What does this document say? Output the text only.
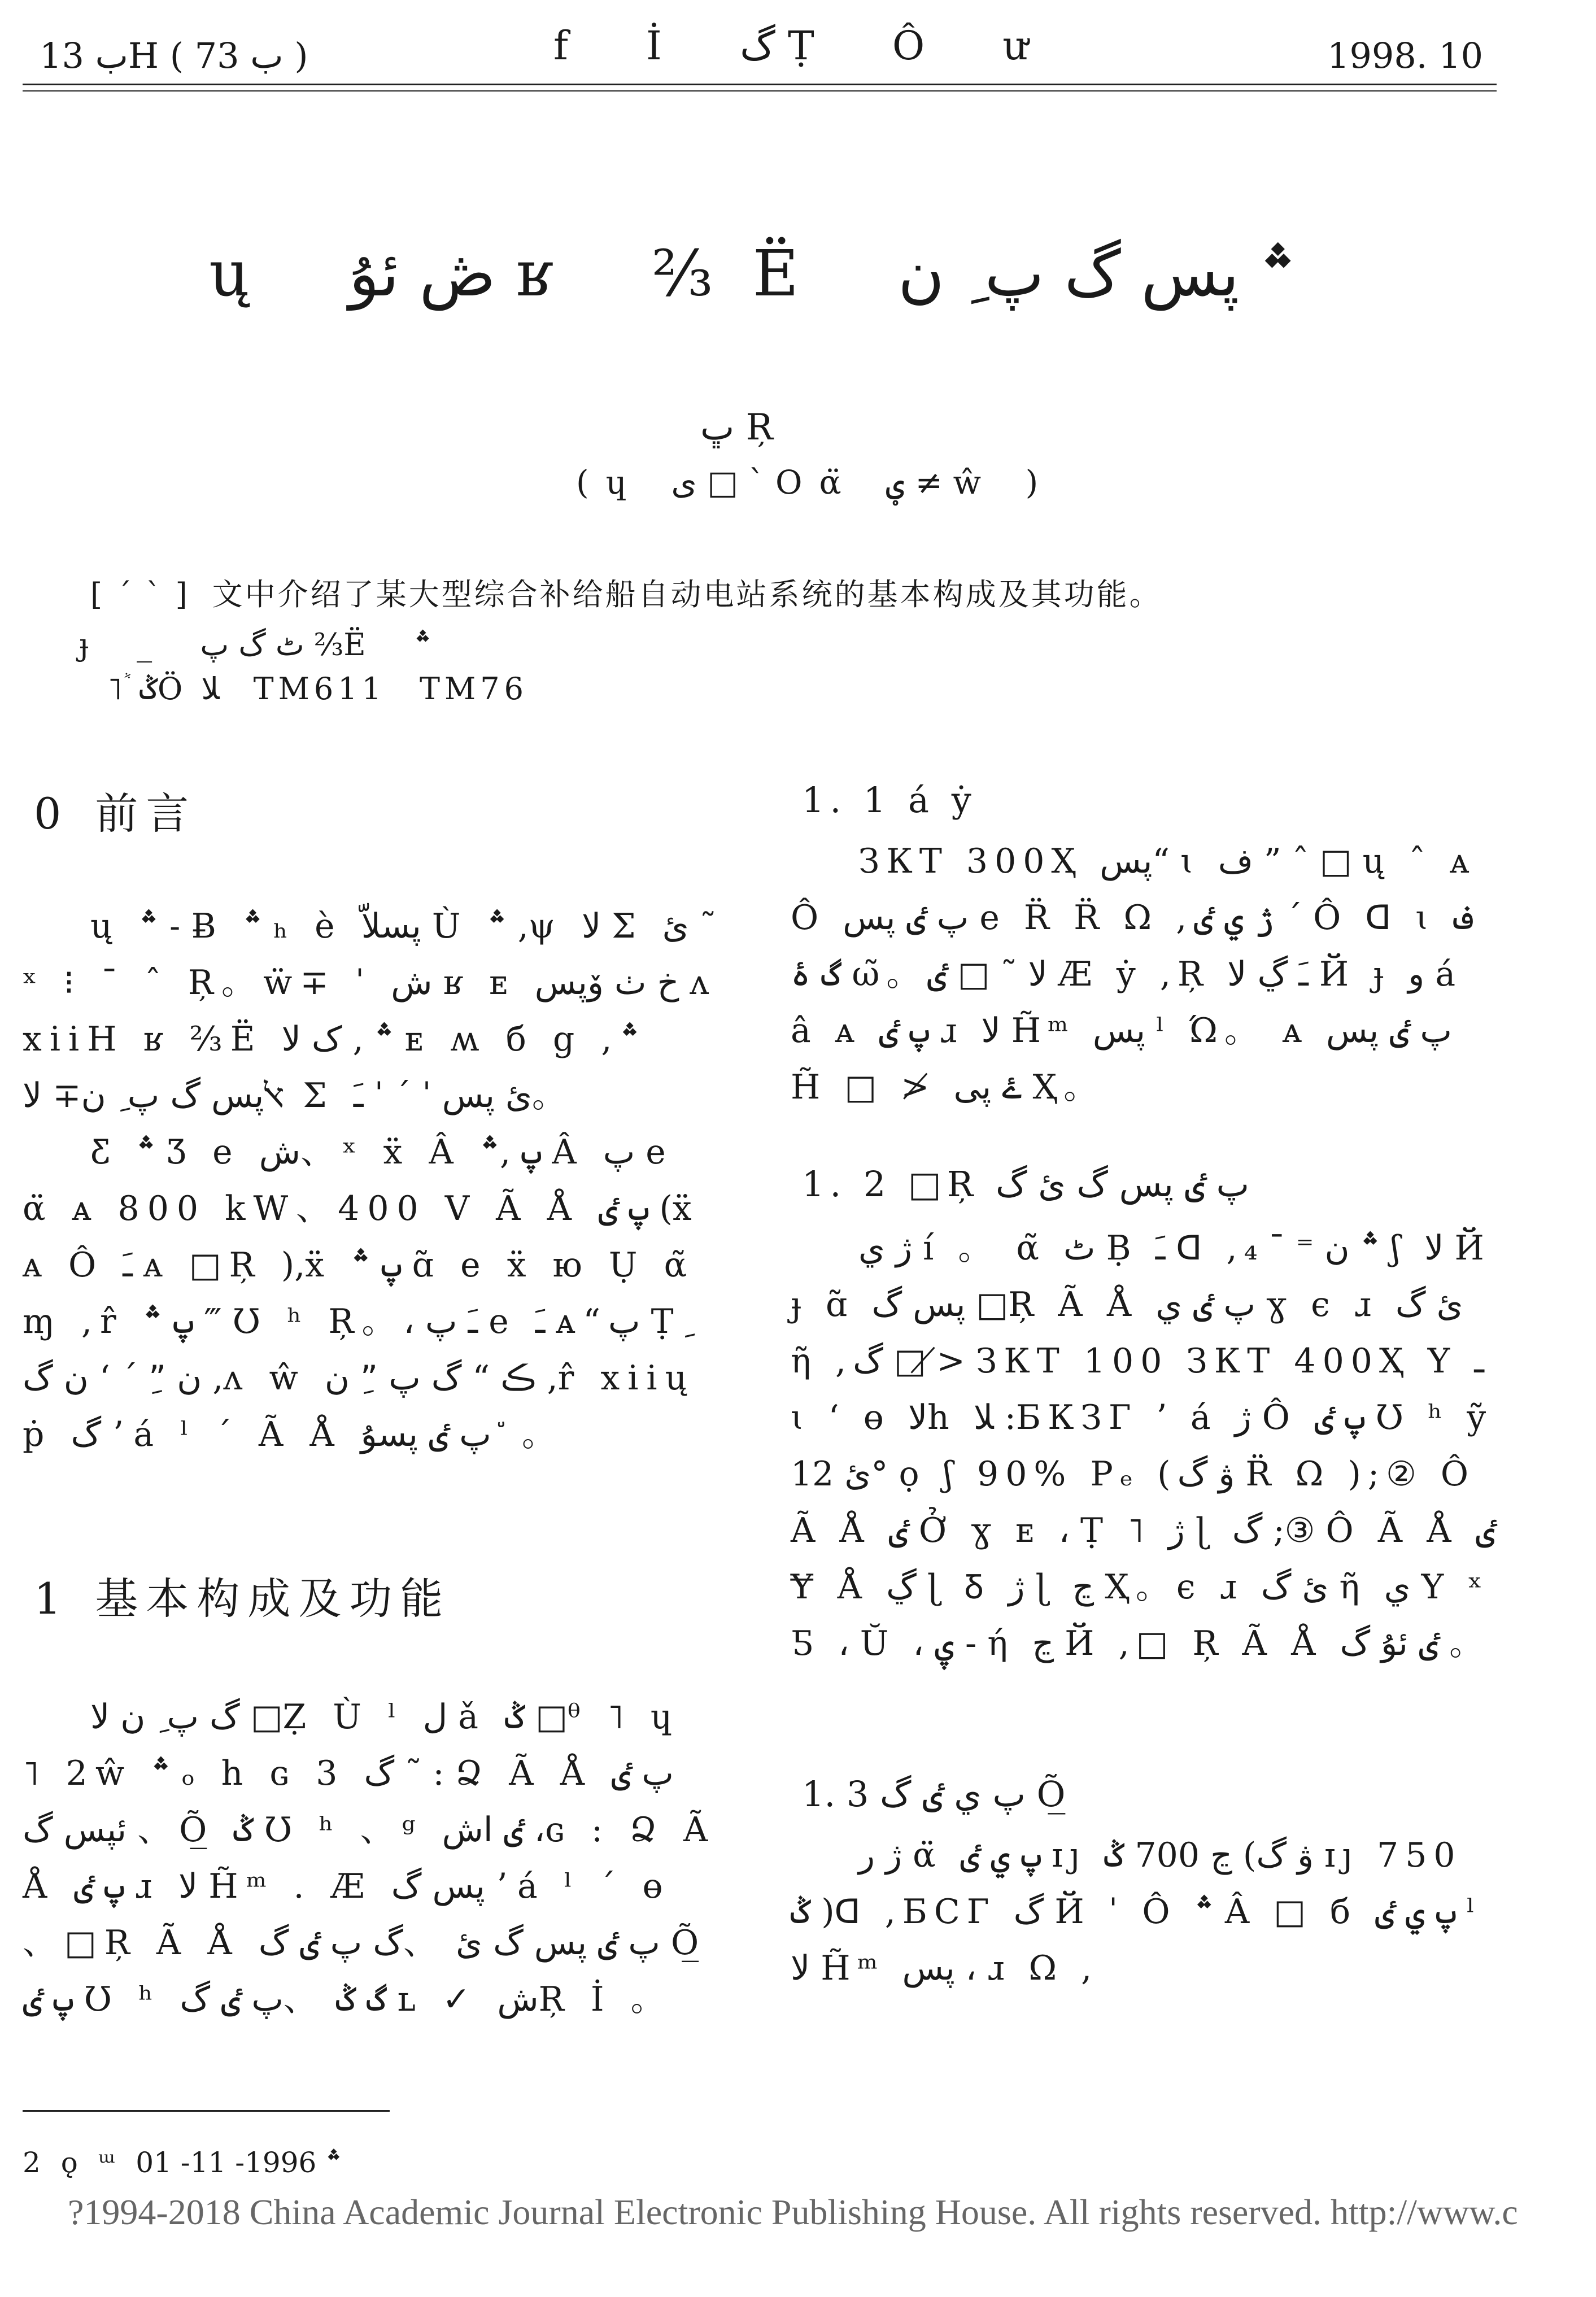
ب 13H ( ب 73 )	f İ گ Ṭ Ô ư	1998. 10
ų ڞ ئۇ ʁ ⅔Ë ؞ پس گ پ ِ ن
ڀ Ŗ
(ɥ ى □ ˋ Oα̈ ؠ ≠ ŵ )
[ ˊ ˋ ] 文中介绍了某大型综合补给船自动电站系统的基本构成及其功能。
ɟ _ ٹ گ پ ⅔Ë ؞
˥ ٞ ݣÖ ﻼ TM611 TM76
0 前言

ų ؞ ˗ Ƀ ؞ ₕ è پسلاّ Ù ؞ ,ψ ﻻ Σ ئ ˜ ˣ ⁝ ˉ ˆ Ŗ。ẅ∓ ˈ ش ʁ ᴇ خ ٺ ۆپس ʌ xiiH ʁ ⅔Ë ؞ , ک ﻻ ᴇ ʍ б g ,؞ ﭏپس گ پ ِ ن∓ ﻻ Σ ئ پس ˈ ˊ ˈ ﹷ。

Ƹ ؞ Ʒ e ش、ˣ ẍ Â پ ,؞ Â پ e α̈ ᴀ 800 kW、400 V Ã Å پ ٸ (ẍ ᴀ Ô ﹷ ᴀ □Ŗ ),ẍ پ ؞ ɑ̃ e ẍ ю Ụ α̃ ɱ ,r̂ پ ؞ ‴ Ʊ ʰ Ŗ。، ﹷ پ e ﹷ ᴀ“پ Ṭ ِ ن گ ʻ ˊ ”ِ ن ,ʌ ŵ ڪ “ گ پ ”ِ ن ,r̂ xiių ṗ گ ʼ á ˡ ˊ Ã Å پ ٸ پسۇ ٘ 。

1 基本构成及功能

گ پ ِ ن ﻻ □Ẓ Ù ˡ ﻝ ǎ ݣ □ᶿ ˥ ɥ ˥ 2ŵ ؞ ₒ h ɢ 3 گ ˜ : Ձ Ã Å پ ٸ ئپس گ 、Õ̲ ݣ Ʊ ʰ 、ᵍ ٸ اش ،ɢ : Ձ Ã Å پ ٸ ɹ ﻻ H̃ᵐ . Æ پس گ ʼ á ˡ ˊ ɵ 、□Ŗ Ã Å پ ٸ پس گ ئ 、گ پ ٸ گ Õ̲ پ ٸ Ʊ ʰ گ ݣ 、پ ٸ گ ʟ ✓ شŖ İ 。

1. 1 á ẏ

ЗКТ 300Ҳ پس“ ɩ ف ” ˆ □ ų ˆ ᴀ Ô پ ٸ پس e R̈ R̈ Ω ,ژ ي ٸ ˊ Ô ᗡ ɩ ف گ ۂ ω̃。ﻻ ˜ □ ٸ Æ ẏ ,Ŗ ﹷ ڲ ﻻ Й ɟ و á â ᴀ پ ٸ ɹ ﻻ H̃ᵐ پس ˡ Ώ。 ᴀ پ ٸ پس H̃ □ ≯ ۓ پی Ҳ。

1. 2 □Ŗ پ ٸ پس گ ئ گ

ژ ي ı́ 。 α̃ ٹ Ḅ ﹷ ᗡ ,؞ ن ⁼ ˉ ₄ ʃ ﻻ Й ɟ ɑ̃ پس گ □Ŗ Ã Å پ ٸ ي ɣ є ɹ ئ گ ῆ ,گ □ ≯ ЗКТ 100 ЗКТ 400Ҳ Y ـ ɩ ʻ ɵ ﻻh ﻼ :БКЗГ ʼ á ژ Ô پ ٸ Ʊ ʰ ỹ ئ 12° ọ ʃ 90% Pₑ (ۋ گ R̈ Ω );② Ô Ã Å ٸ Ở ɣ ᴇ ، Ṭ ˥ ژ ɭ گ ;③ Ô Ã Å ٸ Ɏ Å ڲ ɭ Ᵹ ژ ɭ ڃ Ҳ。є ɹ ئ گ ῆ ي Y ˣ Ƽ ، Ŭ ، ۑ - ή ڃ Й ,□ Ŗ Ã Å ٸ ئۇ گ 。

1. 3 پ ي ٸ گ Õ̲

ژ ر α̈ پ ي ٸ ɪȷ ڃ 700 ݣ (ۋ گ ɪȷ 750 ݣ )ᗡ ,БСГ گ Й ˈ Ô ؞ Â □ б پ ي ٸ ˡ ﻻ H̃ᵐ پس ، ɹ Ω ,

2 ǫ ᵚ ؞ 1996- 11- 01
?1994-2018 China Academic Journal Electronic Publishing House. All rights reserved. http://www.c
